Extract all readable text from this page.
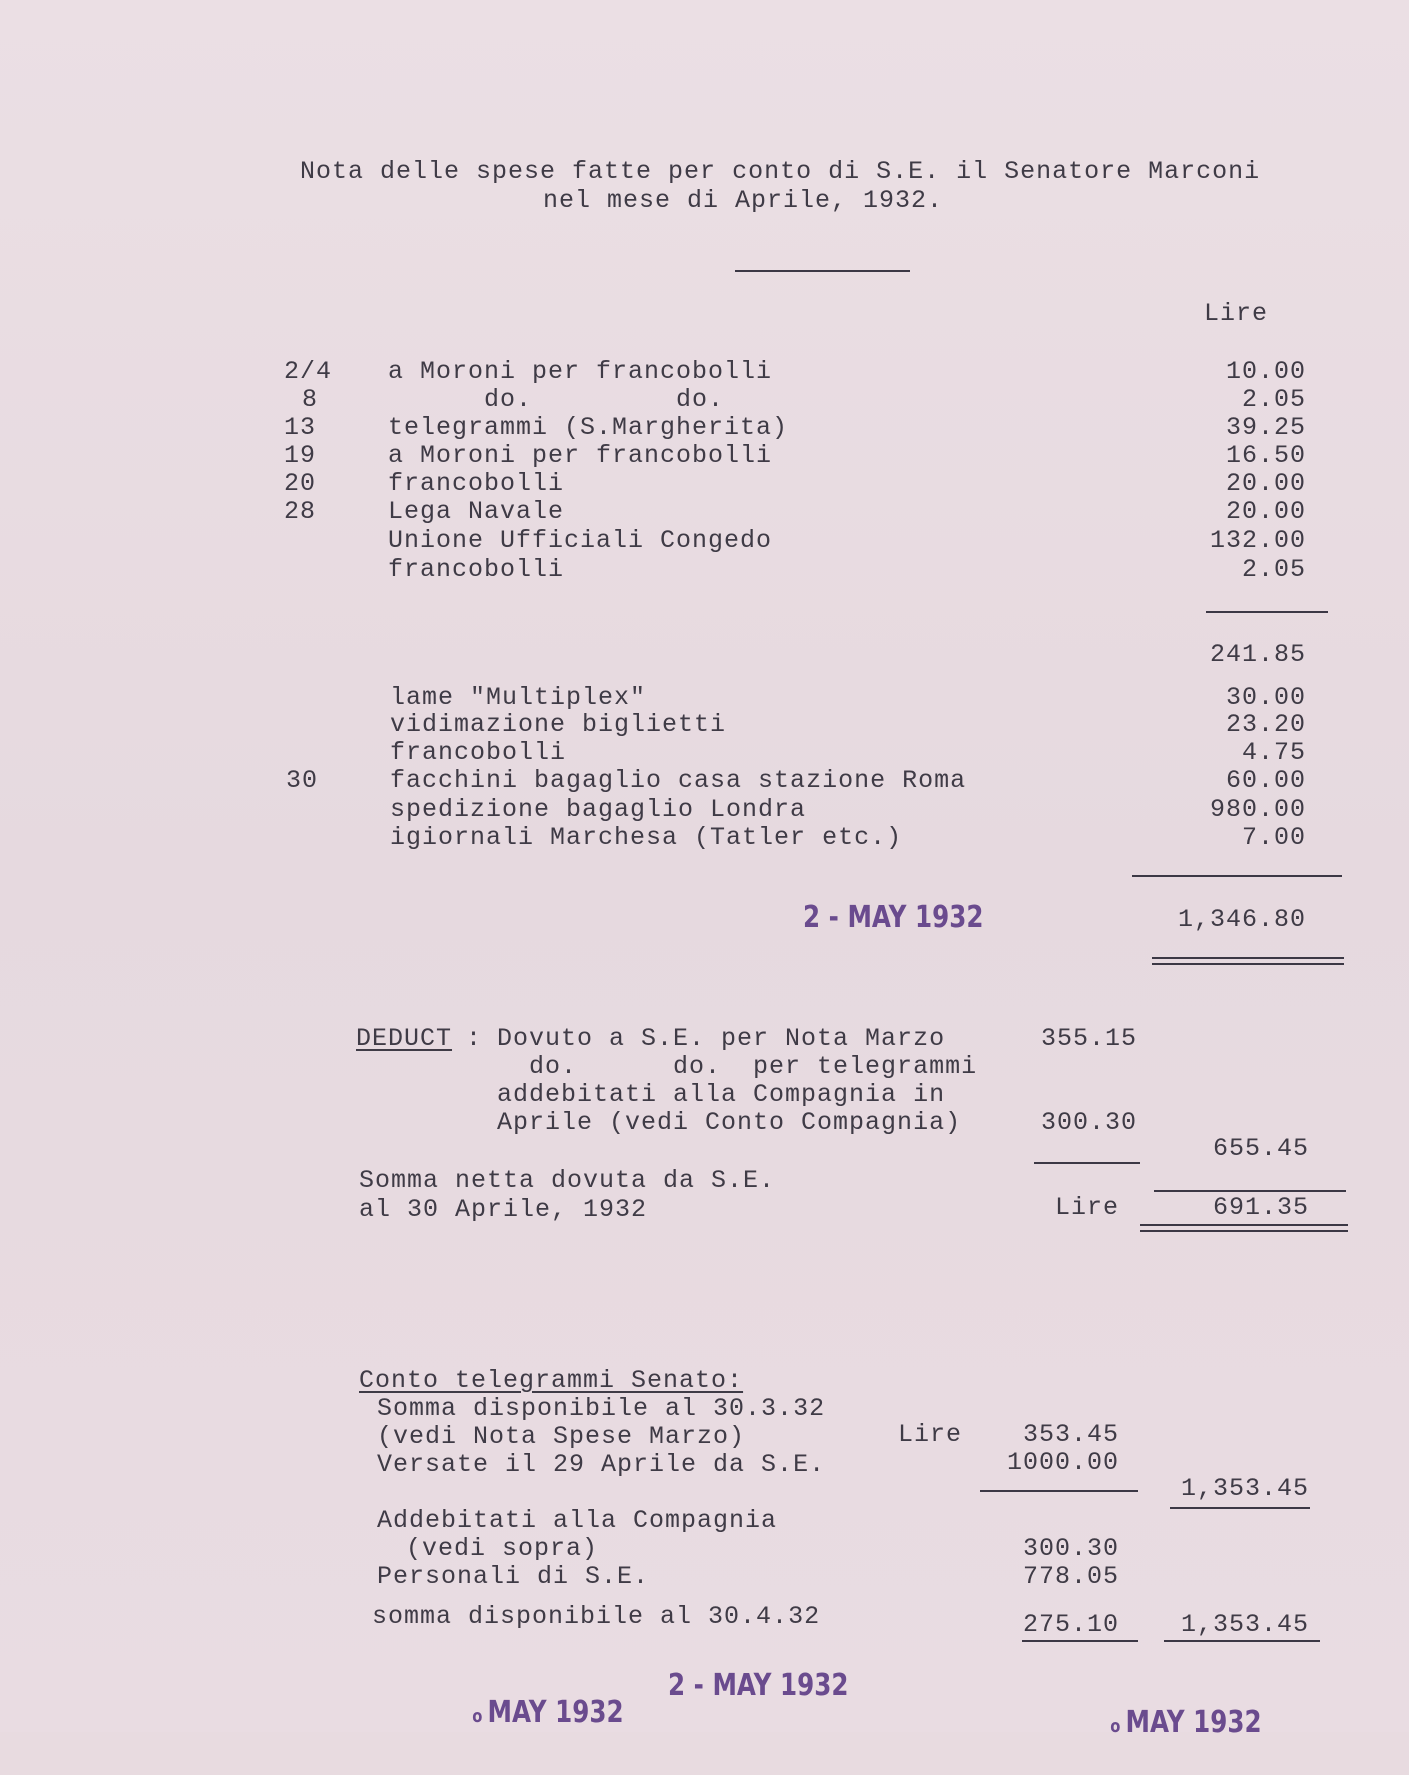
Nota delle spese fatte per conto di S.E. il Senatore Marconi
nel mese di Aprile, 1932.
Lire
2/4 a Moroni per francobolli	10.00
8	do.         do.	2.05
13	telegrammi (S.Margherita)	39.25
19	a Moroni per francobolli	16.50
20	francobolli	20.00
28	Lega Navale	20.00
Unione Ufficiali Congedo	132.00
francobolli	2.05
241.85
lame "Multiplex"	30.00
vidimazione biglietti	23.20
francobolli	4.75
30	facchini bagaglio casa stazione Roma	60.00
spedizione bagaglio Londra	980.00
igiornali Marchesa (Tatler etc.)	7.00
2 - MAY 1932	1,346.80
DEDUCT : Dovuto a S.E. per Nota Marzo	355.15
do.      do.  per telegrammi
addebitati alla Compagnia in
Aprile (vedi Conto Compagnia)	300.30
655.45
Somma netta dovuta da S.E.
al 30 Aprile, 1932	Lire	691.35
Conto telegrammi Senato:
Somma disponibile al 30.3.32
(vedi Nota Spese Marzo)	Lire 353.45
Versate il 29 Aprile da S.E.	1000.00
1,353.45
Addebitati alla Compagnia
(vedi sopra)	300.30
Personali di S.E.	778.05
somma disponibile al 30.4.32	275.10 1,353.45

o MAY 1932

2 - MAY 1932

o MAY 1932
